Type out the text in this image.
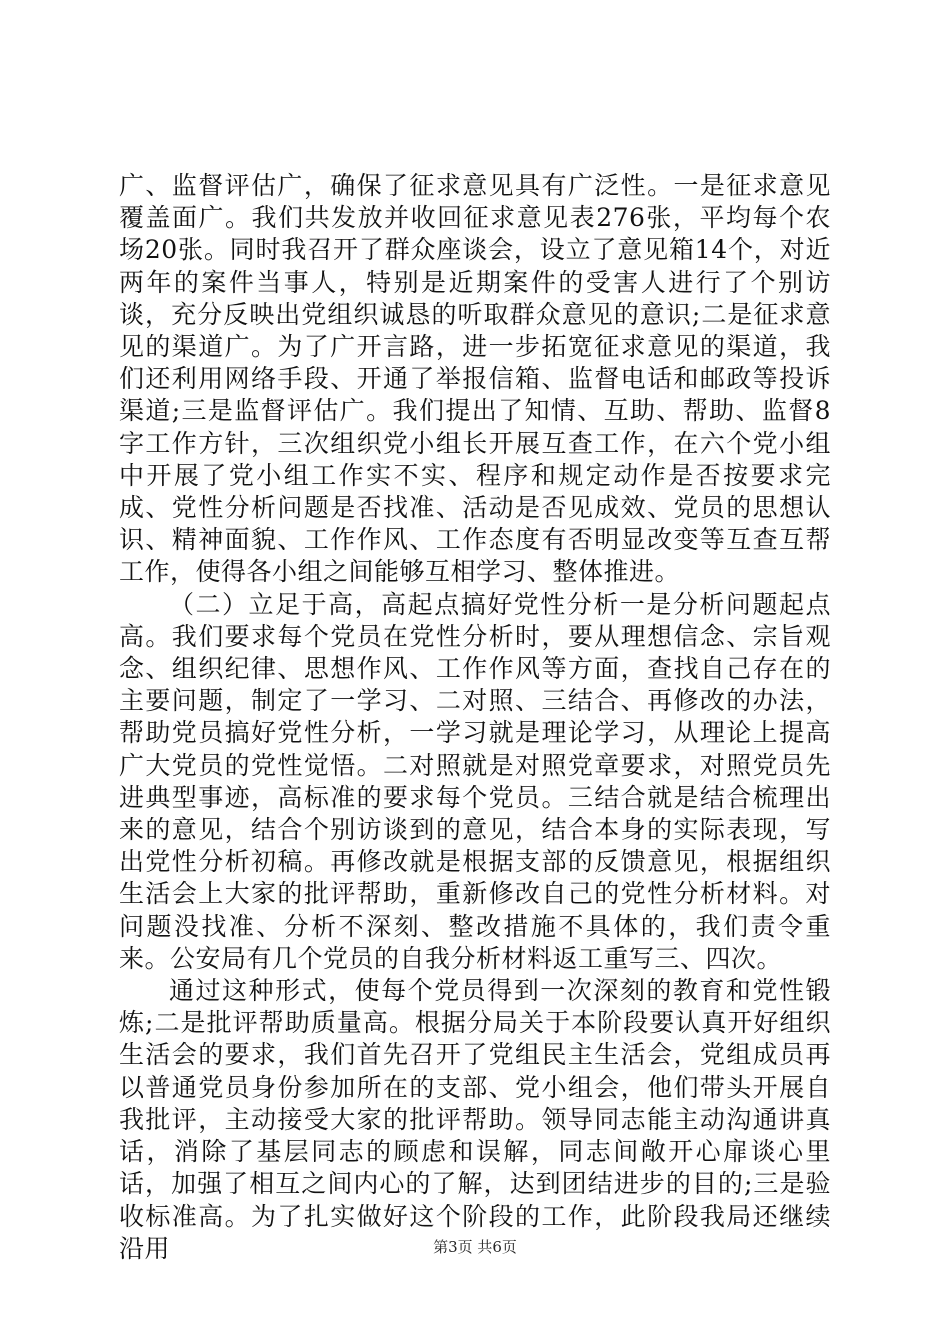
广、监督评估广，确保了征求意见具有广泛性。一是征求意见覆盖面广。我们共发放并收回征求意见表276张，平均每个农场20张。同时我召开了群众座谈会，设立了意见箱14个，对近两年的案件当事人，特别是近期案件的受害人进行了个别访谈，充分反映出党组织诚恳的听取群众意见的意识;二是征求意见的渠道广。为了广开言路，进一步拓宽征求意见的渠道，我们还利用网络手段、开通了举报信箱、监督电话和邮政等投诉渠道;三是监督评估广。我们提出了知情、互助、帮助、监督8字工作方针，三次组织党小组长开展互查工作，在六个党小组中开展了党小组工作实不实、程序和规定动作是否按要求完成、党性分析问题是否找准、活动是否见成效、党员的思想认识、精神面貌、工作作风、工作态度有否明显改变等互查互帮工作，使得各小组之间能够互相学习、整体推进。

（二）立足于高，高起点搞好党性分析一是分析问题起点高。我们要求每个党员在党性分析时，要从理想信念、宗旨观念、组织纪律、思想作风、工作作风等方面，查找自己存在的主要问题，制定了一学习、二对照、三结合、再修改的办法，帮助党员搞好党性分析，一学习就是理论学习，从理论上提高广大党员的党性觉悟。二对照就是对照党章要求，对照党员先进典型事迹，高标准的要求每个党员。三结合就是结合梳理出来的意见，结合个别访谈到的意见，结合本身的实际表现，写出党性分析初稿。再修改就是根据支部的反馈意见，根据组织生活会上大家的批评帮助，重新修改自己的党性分析材料。对问题没找准、分析不深刻、整改措施不具体的，我们责令重来。公安局有几个党员的自我分析材料返工重写三、四次。

通过这种形式，使每个党员得到一次深刻的教育和党性锻炼;二是批评帮助质量高。根据分局关于本阶段要认真开好组织生活会的要求，我们首先召开了党组民主生活会，党组成员再以普通党员身份参加所在的支部、党小组会，他们带头开展自我批评，主动接受大家的批评帮助。领导同志能主动沟通讲真话，消除了基层同志的顾虑和误解，同志间敞开心扉谈心里话，加强了相互之间内心的了解，达到团结进步的目的;三是验收标准高。为了扎实做好这个阶段的工作，此阶段我局还继续沿用	第3页 共6页
